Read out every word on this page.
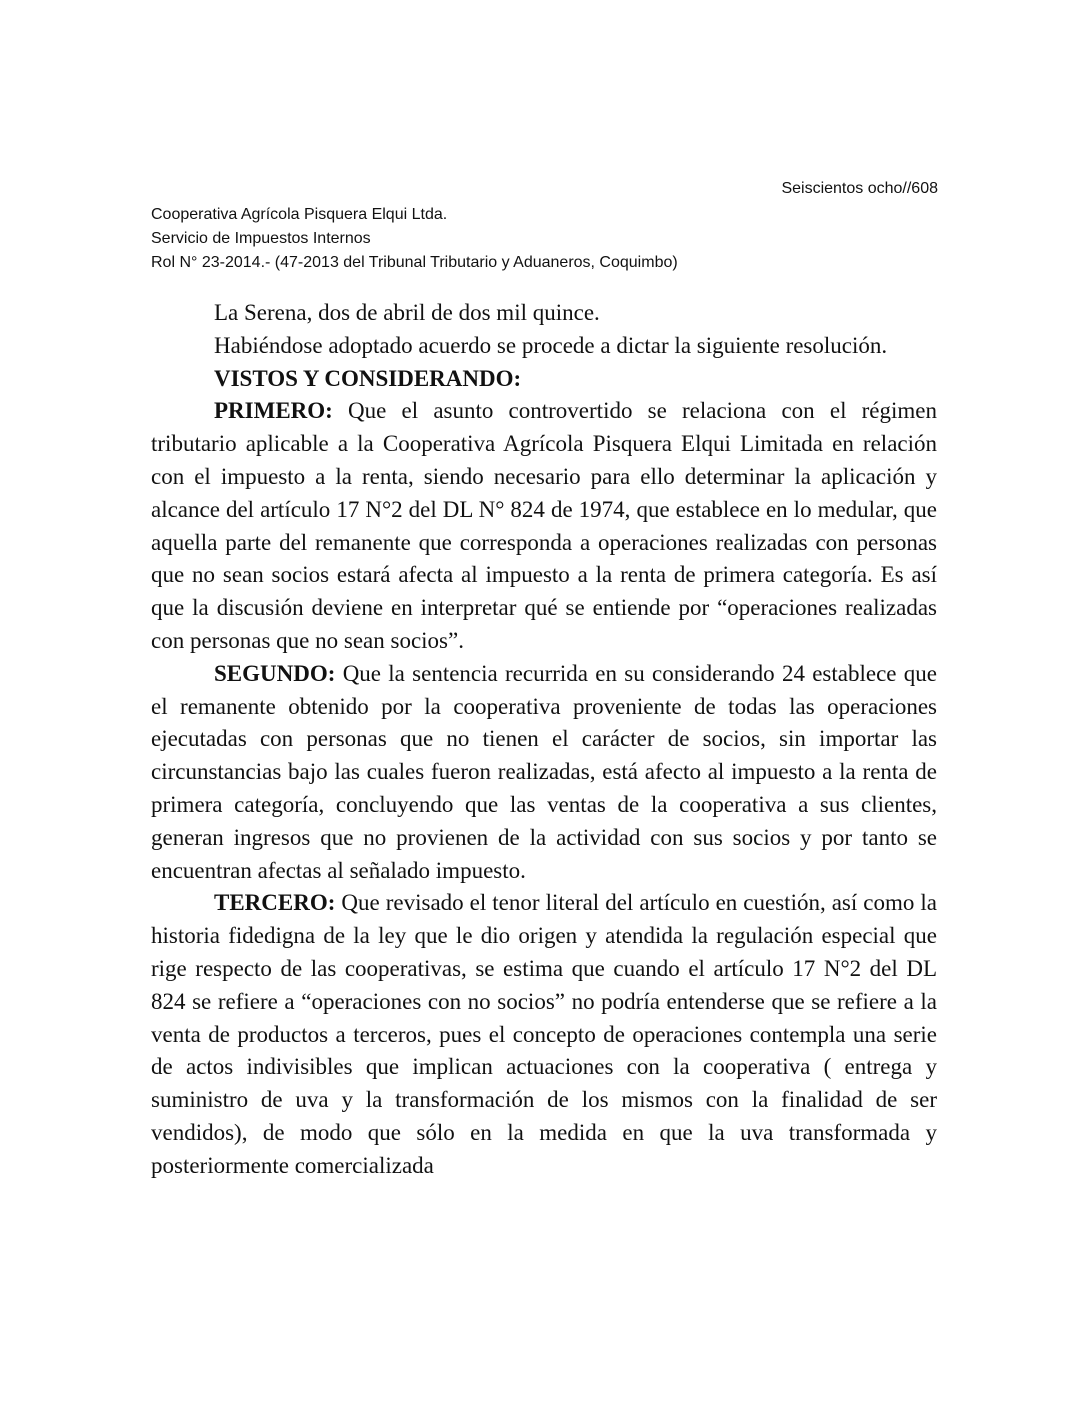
Seiscientos ocho//608
Cooperativa Agrícola Pisquera Elqui Ltda.
Servicio de Impuestos Internos
Rol N° 23-2014.- (47-2013 del Tribunal Tributario y Aduaneros, Coquimbo)

La Serena, dos de abril de dos mil quince.

Habiéndose adoptado acuerdo se procede a dictar la siguiente resolución.

VISTOS Y CONSIDERANDO:

PRIMERO: Que el asunto controvertido se relaciona con el régimen tributario aplicable a la Cooperativa Agrícola Pisquera Elqui Limitada en relación con el impuesto a la renta, siendo necesario para ello determinar la aplicación y alcance del artículo 17 N°2 del DL N° 824 de 1974, que establece en lo medular, que aquella parte del remanente que corresponda a operaciones realizadas con personas que no sean socios estará afecta al impuesto a la renta de primera categoría. Es así que la discusión deviene en interpretar qué se entiende por “operaciones realizadas con personas que no sean socios”.

SEGUNDO: Que la sentencia recurrida en su considerando 24 establece que el remanente obtenido por la cooperativa proveniente de todas las operaciones ejecutadas con personas que no tienen el carácter de socios, sin importar las circunstancias bajo las cuales fueron realizadas, está afecto al impuesto a la renta de primera categoría, concluyendo que las ventas de la cooperativa a sus clientes, generan ingresos que no provienen de la actividad con sus socios y por tanto se encuentran afectas al señalado impuesto.

TERCERO: Que revisado el tenor literal del artículo en cuestión, así como la historia fidedigna de la ley que le dio origen y atendida la regulación especial que rige respecto de las cooperativas, se estima que cuando el artículo 17 N°2 del DL 824 se refiere a “operaciones con no socios” no podría entenderse que se refiere a la venta de productos a terceros, pues el concepto de operaciones contempla una serie de actos indivisibles que implican actuaciones con la cooperativa ( entrega y suministro de uva y la transformación de los mismos con la finalidad de ser vendidos), de modo que sólo en la medida en que la uva transformada y posteriormente comercializada
